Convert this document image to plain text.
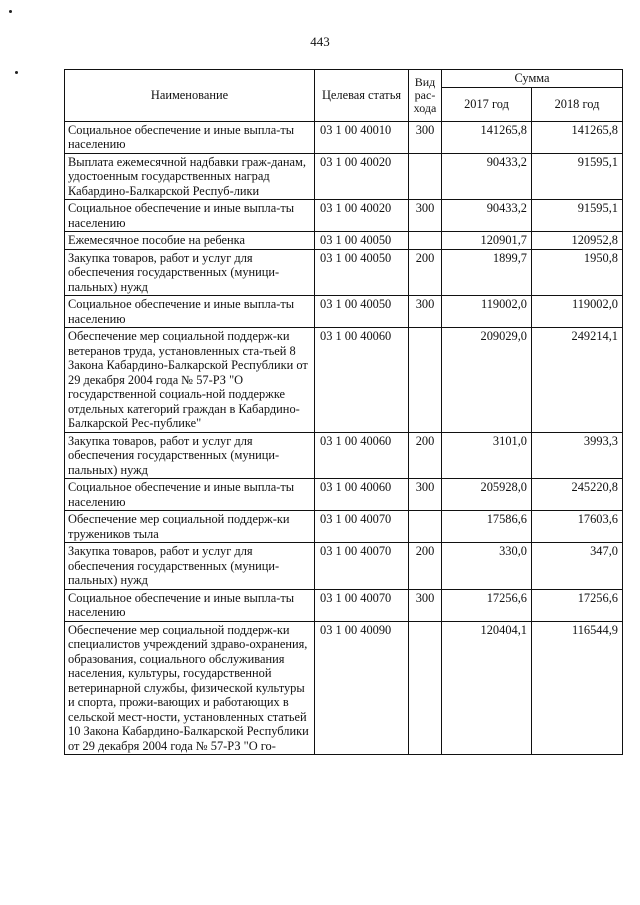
443
Наименование	Целевая статья	Вид рас-хода	Сумма	
			2017 год	2018 год
Социальное обеспечение и иные выпла-ты населению	03 1 00 40010	300	141265,8	141265,8
Выплата ежемесячной надбавки граж-данам, удостоенным государственных наград Кабардино-Балкарской Респуб-лики	03 1 00 40020		90433,2	91595,1
Социальное обеспечение и иные выпла-ты населению	03 1 00 40020	300	90433,2	91595,1
Ежемесячное пособие на ребенка	03 1 00 40050		120901,7	120952,8
Закупка товаров, работ и услуг для обеспечения государственных (муници-пальных) нужд	03 1 00 40050	200	1899,7	1950,8
Социальное обеспечение и иные выпла-ты населению	03 1 00 40050	300	119002,0	119002,0
Обеспечение мер социальной поддерж-ки ветеранов труда, установленных ста-тьей 8 Закона Кабардино-Балкарской Республики от 29 декабря 2004 года № 57-РЗ "О государственной социаль-ной поддержке отдельных категорий граждан в Кабардино-Балкарской Рес-публике"	03 1 00 40060		209029,0	249214,1
Закупка товаров, работ и услуг для обеспечения государственных (муници-пальных) нужд	03 1 00 40060	200	3101,0	3993,3
Социальное обеспечение и иные выпла-ты населению	03 1 00 40060	300	205928,0	245220,8
Обеспечение мер социальной поддерж-ки тружеников тыла	03 1 00 40070		17586,6	17603,6
Закупка товаров, работ и услуг для обеспечения государственных (муници-пальных) нужд	03 1 00 40070	200	330,0	347,0
Социальное обеспечение и иные выпла-ты населению	03 1 00 40070	300	17256,6	17256,6
Обеспечение мер социальной поддерж-ки специалистов учреждений здраво-охранения, образования, социального обслуживания населения, культуры, государственной ветеринарной службы, физической культуры и спорта, прожи-вающих и работающих в сельской мест-ности, установленных статьей 10 Закона Кабардино-Балкарской Республики от 29 декабря 2004 года № 57-РЗ "О го-	03 1 00 40090		120404,1	116544,9
